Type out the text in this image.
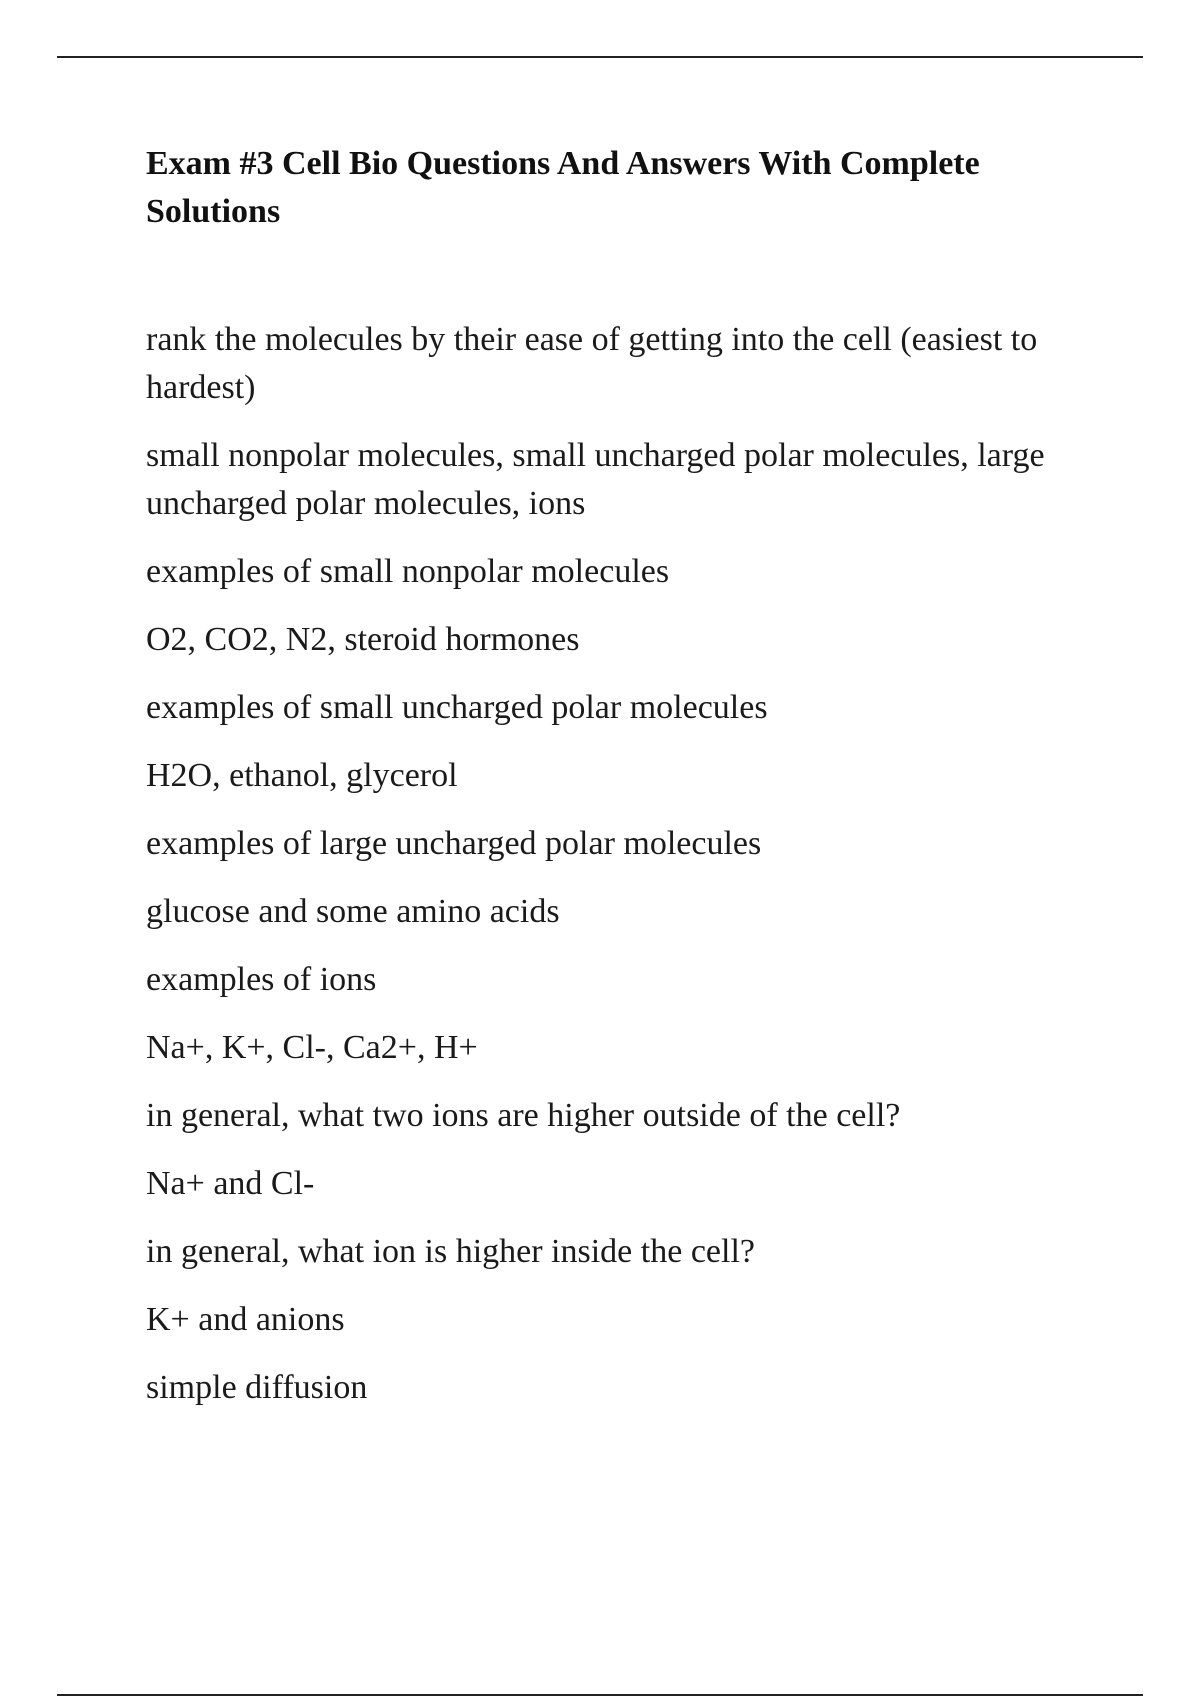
Exam #3 Cell Bio Questions And Answers With Complete Solutions

rank the molecules by their ease of getting into the cell (easiest to hardest)

small nonpolar molecules, small uncharged polar molecules, large uncharged polar molecules, ions

examples of small nonpolar molecules

O2, CO2, N2, steroid hormones

examples of small uncharged polar molecules

H2O, ethanol, glycerol

examples of large uncharged polar molecules

glucose and some amino acids

examples of ions

Na+, K+, Cl-, Ca2+, H+

in general, what two ions are higher outside of the cell?

Na+ and Cl-

in general, what ion is higher inside the cell?

K+ and anions

simple diffusion
